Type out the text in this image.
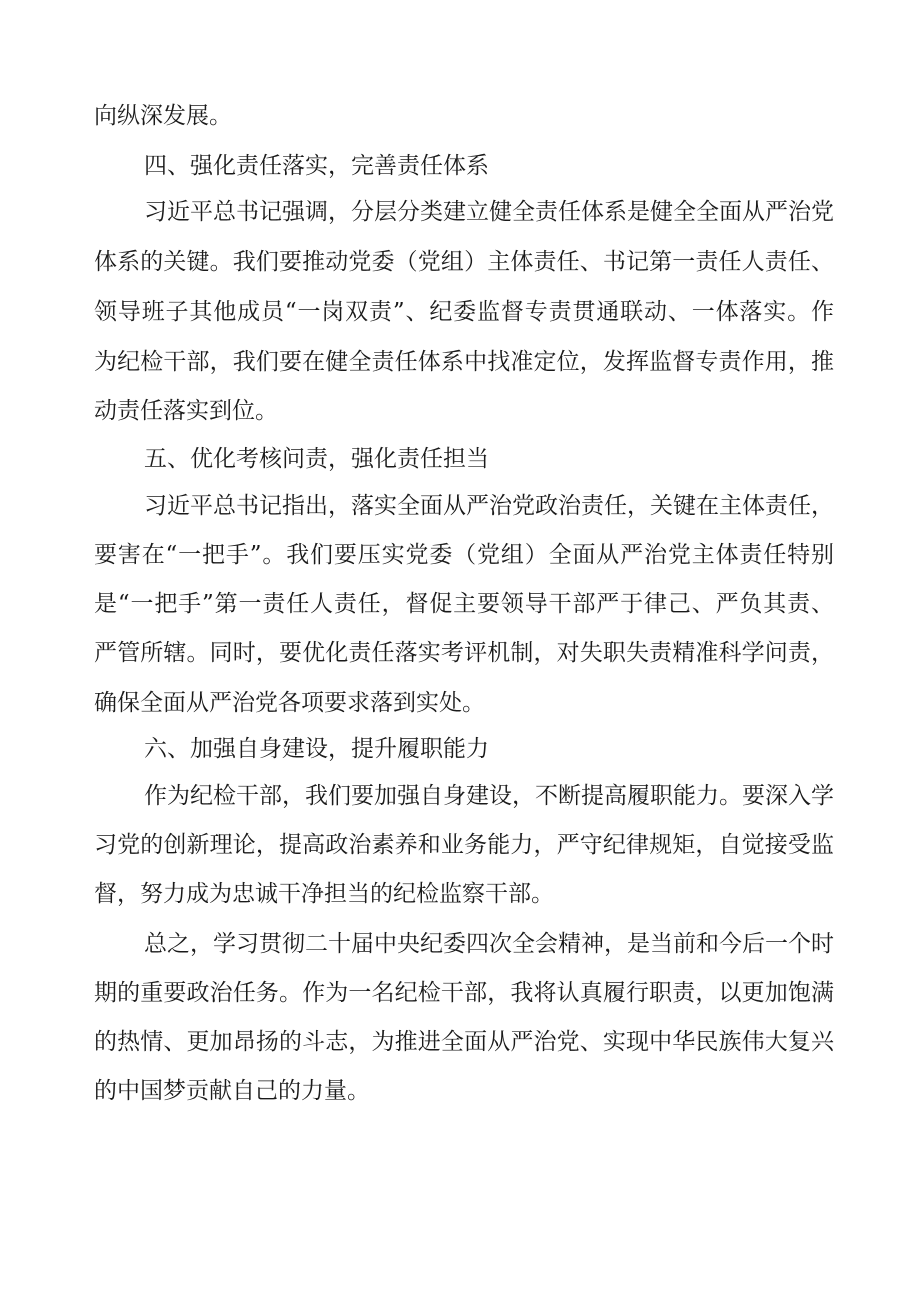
向纵深发展。

四、强化责任落实，完善责任体系

习近平总书记强调，分层分类建立健全责任体系是健全全面从严治党

体系的关键。我们要推动党委（党组）主体责任、书记第一责任人责任、

领导班子其他成员“一岗双责”、纪委监督专责贯通联动、一体落实。作

为纪检干部，我们要在健全责任体系中找准定位，发挥监督专责作用，推

动责任落实到位。

五、优化考核问责，强化责任担当

习近平总书记指出，落实全面从严治党政治责任，关键在主体责任，

要害在“一把手”。我们要压实党委（党组）全面从严治党主体责任特别

是“一把手”第一责任人责任，督促主要领导干部严于律己、严负其责、

严管所辖。同时，要优化责任落实考评机制，对失职失责精准科学问责，

确保全面从严治党各项要求落到实处。

六、加强自身建设，提升履职能力

作为纪检干部，我们要加强自身建设，不断提高履职能力。要深入学

习党的创新理论，提高政治素养和业务能力，严守纪律规矩，自觉接受监

督，努力成为忠诚干净担当的纪检监察干部。

总之，学习贯彻二十届中央纪委四次全会精神，是当前和今后一个时

期的重要政治任务。作为一名纪检干部，我将认真履行职责，以更加饱满

的热情、更加昂扬的斗志，为推进全面从严治党、实现中华民族伟大复兴

的中国梦贡献自己的力量。
